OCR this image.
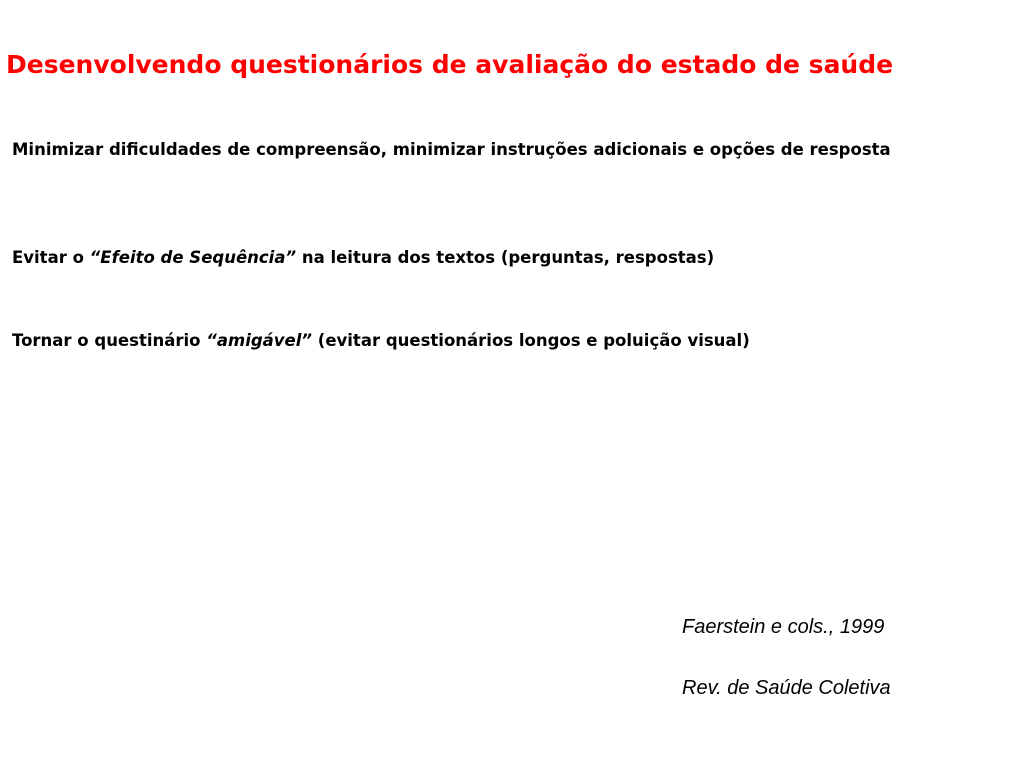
Desenvolvendo questionários de avaliação do estado de saúde
Minimizar dificuldades de compreensão, minimizar instruções adicionais e opções de resposta
Evitar o “Efeito de Sequência” na leitura dos textos (perguntas, respostas)
Tornar o questinário “amigável” (evitar questionários longos e poluição visual)
Faerstein e cols., 1999
Rev. de Saúde Coletiva
